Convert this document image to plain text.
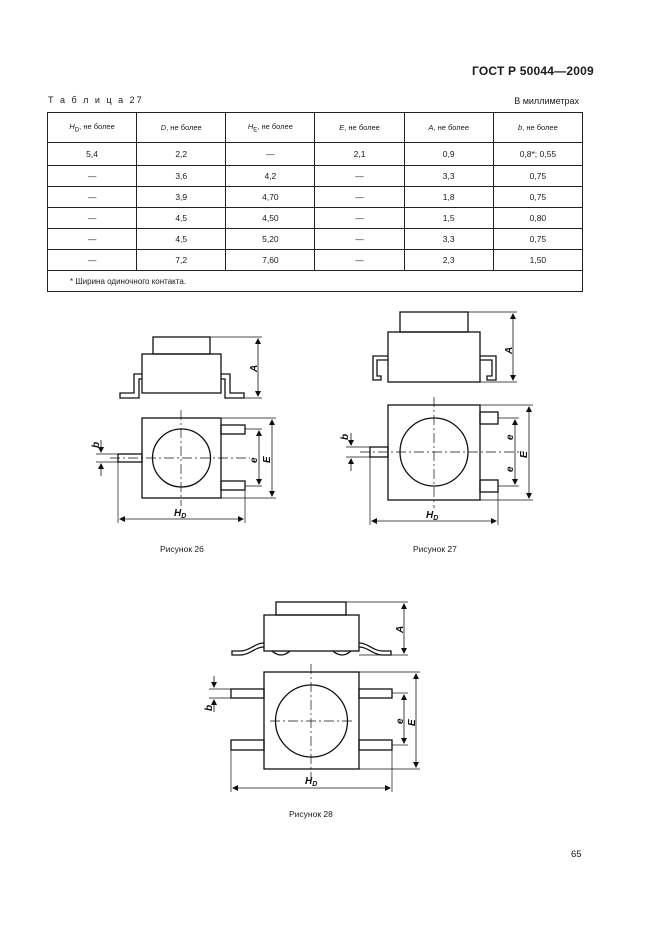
ГОСТ Р 50044—2009
Т а б л и ц а 27	В миллиметрах
$H_D$, не более	D, не более	$H_E$, не более	E, не более	A, не более	b, не более
5,4	2,2	—	2,1	0,9	0,8*; 0,55
—	3,6	4,2	—	3,3	0,75
—	3,9	4,70	—	1,8	0,75
—	4,5	4,50	—	1,5	0,80
—	4,5	5,20	—	3,3	0,75
—	7,2	7,60	—	2,3	1,50
* Ширина одиночного контакта.					
A
e E
b
$H_D$
A
e
e
E
b
$H_D$
A
e E
b
$H_D$
Рисунок 26	Рисунок 27
Рисунок 28
65
